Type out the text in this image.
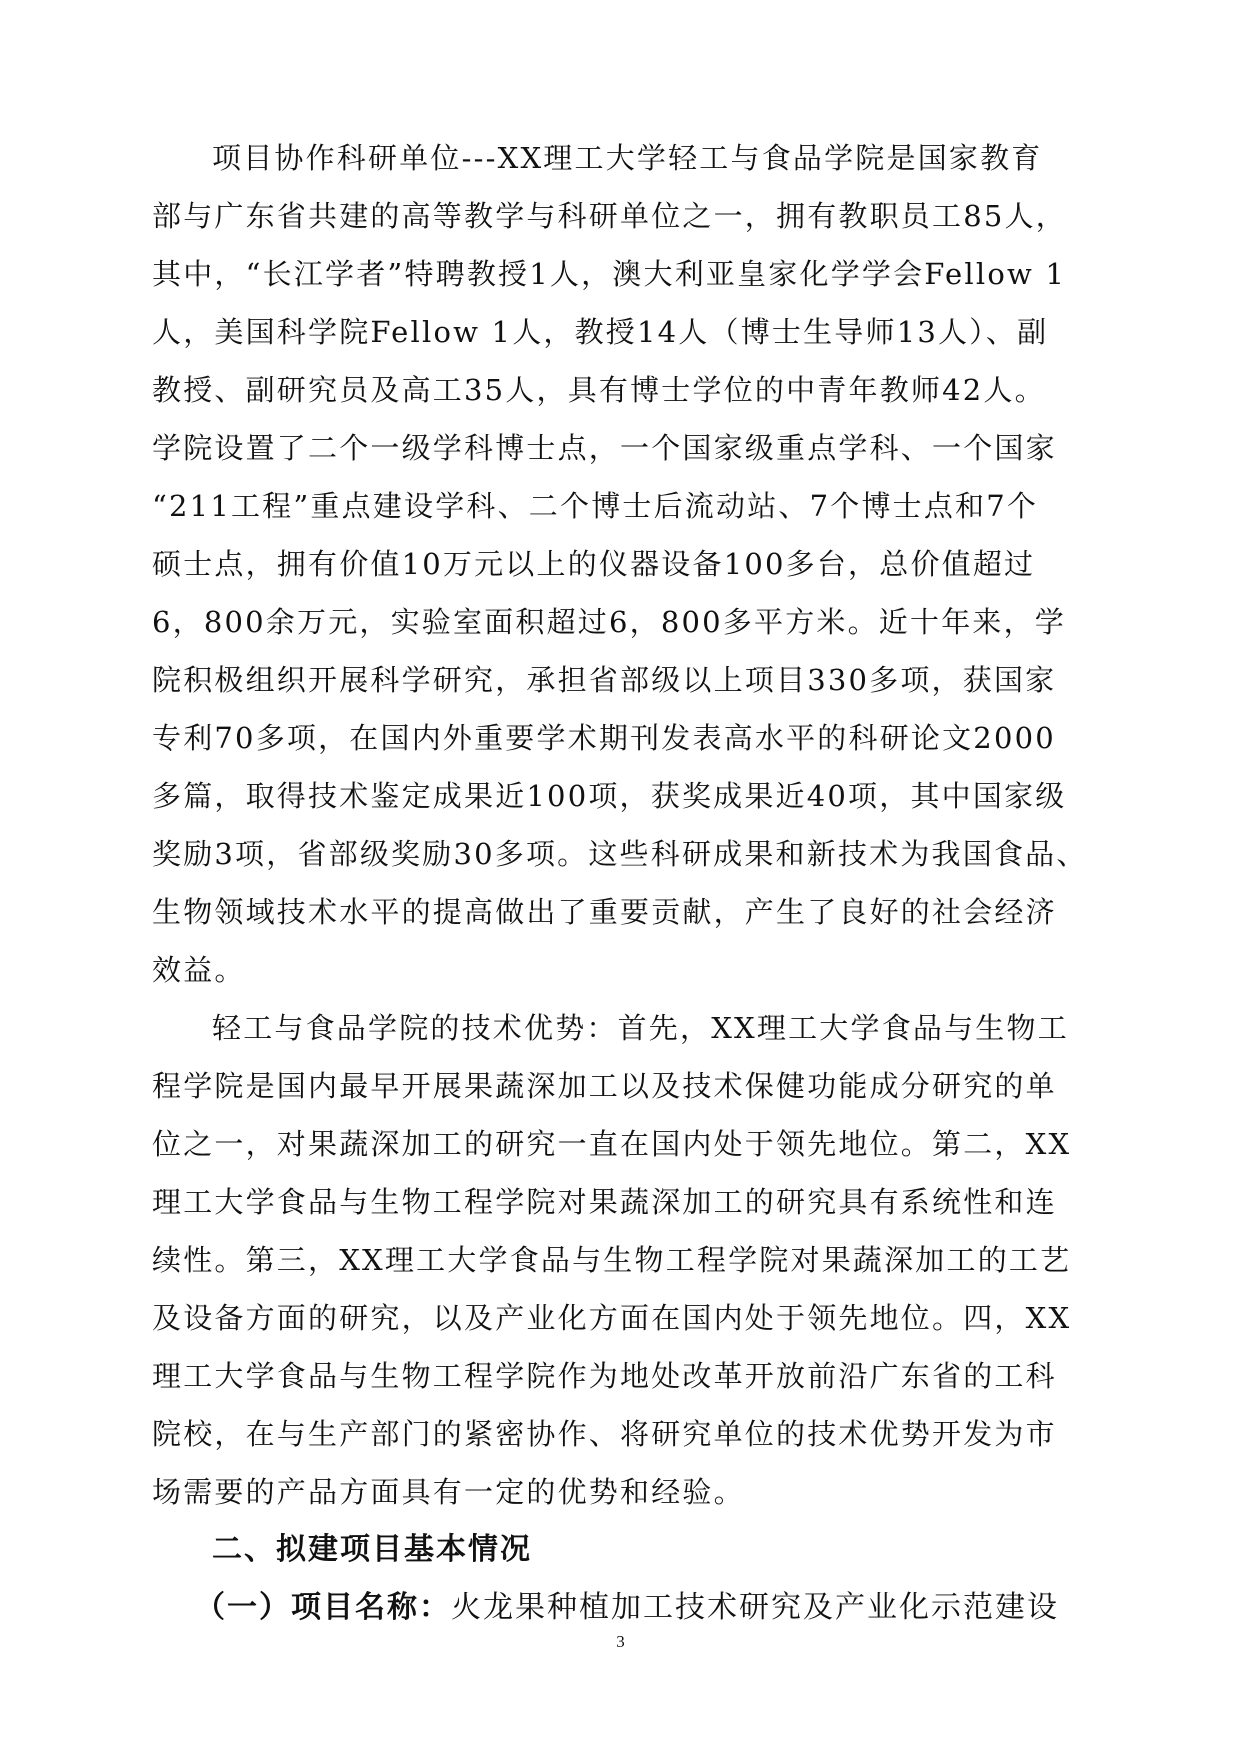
项目协作科研单位---XX理工大学轻工与食品学院是国家教育
部与广东省共建的高等教学与科研单位之一，拥有教职员工85人，
其中，“长江学者”特聘教授1人，澳大利亚皇家化学学会Fellow 1
人，美国科学院Fellow 1人，教授14人（博士生导师13人）、副
教授、副研究员及高工35人，具有博士学位的中青年教师42人。
学院设置了二个一级学科博士点，一个国家级重点学科、一个国家
“211工程”重点建设学科、二个博士后流动站、7个博士点和7个
硕士点，拥有价值10万元以上的仪器设备100多台，总价值超过
6，800余万元，实验室面积超过6，800多平方米。近十年来，学
院积极组织开展科学研究，承担省部级以上项目330多项，获国家
专利70多项，在国内外重要学术期刊发表高水平的科研论文2000
多篇，取得技术鉴定成果近100项，获奖成果近40项，其中国家级
奖励3项，省部级奖励30多项。这些科研成果和新技术为我国食品、
生物领域技术水平的提高做出了重要贡献，产生了良好的社会经济
效益。
轻工与食品学院的技术优势：首先，XX理工大学食品与生物工
程学院是国内最早开展果蔬深加工以及技术保健功能成分研究的单
位之一，对果蔬深加工的研究一直在国内处于领先地位。第二，XX
理工大学食品与生物工程学院对果蔬深加工的研究具有系统性和连
续性。第三，XX理工大学食品与生物工程学院对果蔬深加工的工艺
及设备方面的研究，以及产业化方面在国内处于领先地位。四，XX
理工大学食品与生物工程学院作为地处改革开放前沿广东省的工科
院校，在与生产部门的紧密协作、将研究单位的技术优势开发为市
场需要的产品方面具有一定的优势和经验。
二、拟建项目基本情况
（一）项目名称：火龙果种植加工技术研究及产业化示范建设
3
